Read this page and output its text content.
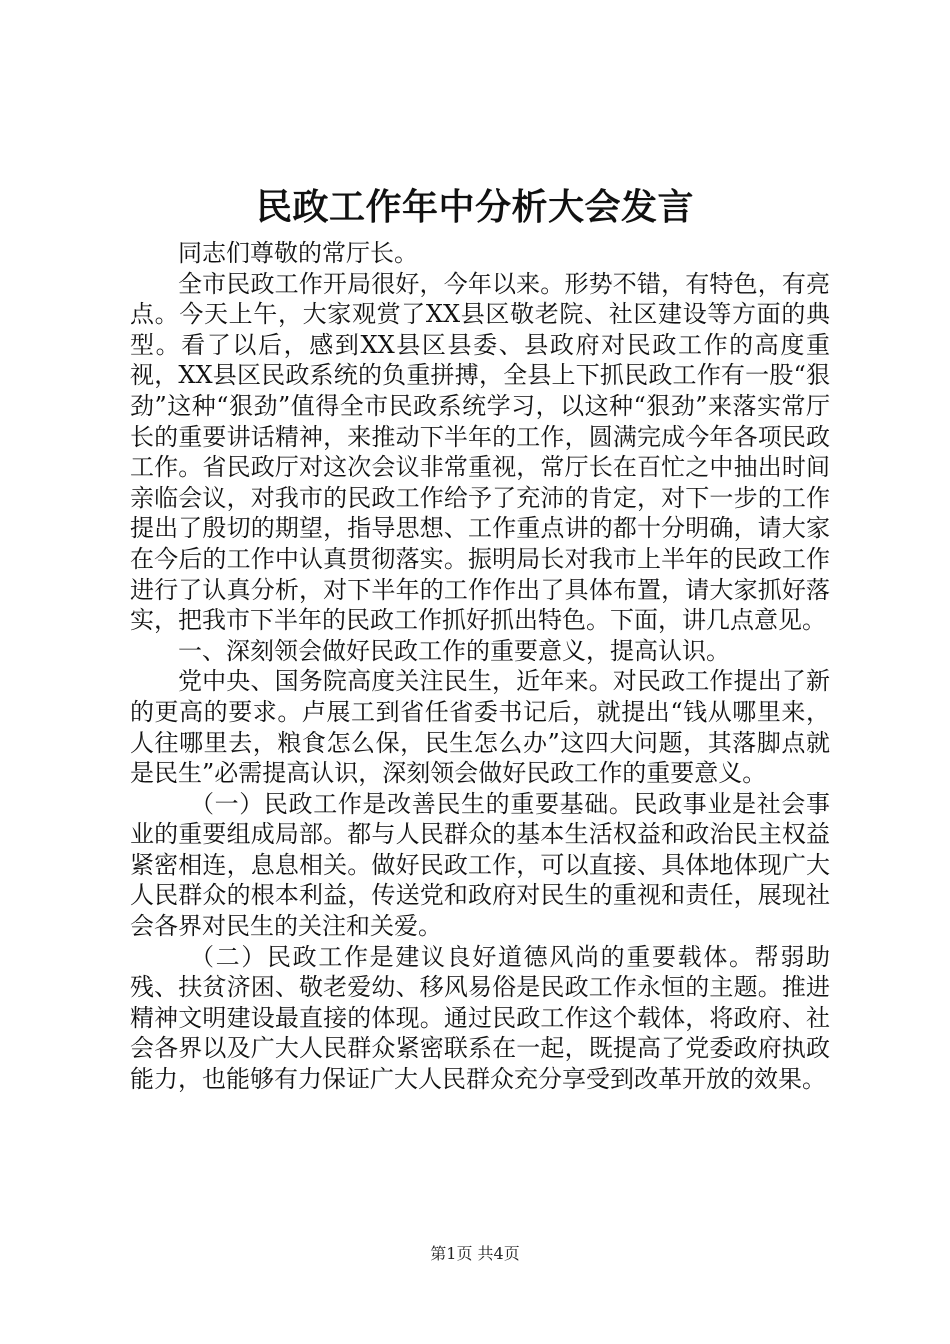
民政工作年中分析大会发言

同志们尊敬的常厅长。

全市民政工作开局很好，今年以来。形势不错，有特色，有亮点。今天上午，大家观赏了XX县区敬老院、社区建设等方面的典型。看了以后，感到XX县区县委、县政府对民政工作的高度重视，XX县区民政系统的负重拼搏，全县上下抓民政工作有一股“狠劲”这种“狠劲”值得全市民政系统学习，以这种“狠劲”来落实常厅长的重要讲话精神，来推动下半年的工作，圆满完成今年各项民政工作。省民政厅对这次会议非常重视，常厅长在百忙之中抽出时间亲临会议，对我市的民政工作给予了充沛的肯定，对下一步的工作提出了殷切的期望，指导思想、工作重点讲的都十分明确，请大家在今后的工作中认真贯彻落实。振明局长对我市上半年的民政工作进行了认真分析，对下半年的工作作出了具体布置，请大家抓好落实，把我市下半年的民政工作抓好抓出特色。下面，讲几点意见。

一、深刻领会做好民政工作的重要意义，提高认识。

党中央、国务院高度关注民生，近年来。对民政工作提出了新的更高的要求。卢展工到省任省委书记后，就提出“钱从哪里来，人往哪里去，粮食怎么保，民生怎么办”这四大问题，其落脚点就是民生”必需提高认识，深刻领会做好民政工作的重要意义。

（一）民政工作是改善民生的重要基础。民政事业是社会事业的重要组成局部。都与人民群众的基本生活权益和政治民主权益紧密相连，息息相关。做好民政工作，可以直接、具体地体现广大人民群众的根本利益，传送党和政府对民生的重视和责任，展现社会各界对民生的关注和关爱。

（二）民政工作是建议良好道德风尚的重要载体。帮弱助残、扶贫济困、敬老爱幼、移风易俗是民政工作永恒的主题。推进精神文明建设最直接的体现。通过民政工作这个载体，将政府、社会各界以及广大人民群众紧密联系在一起，既提高了党委政府执政能力，也能够有力保证广大人民群众充分享受到改革开放的效果。

第1页 共4页
